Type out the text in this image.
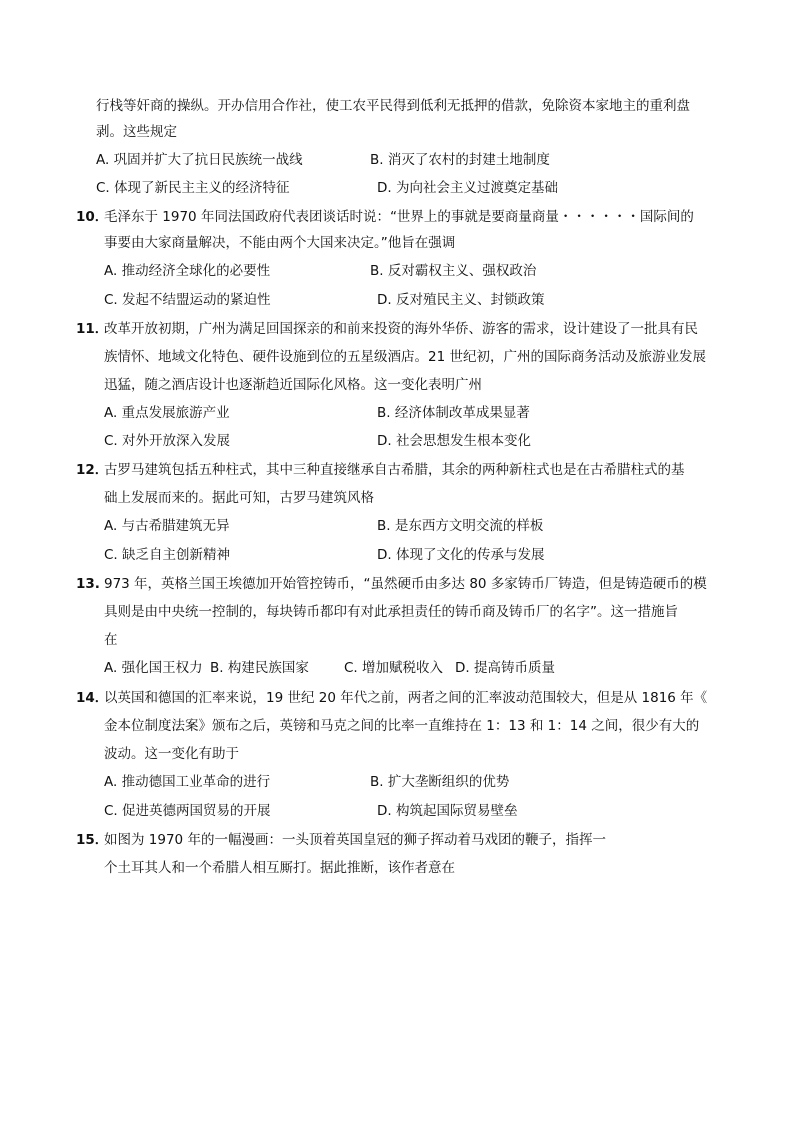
行栈等奸商的操纵。开办信用合作社，使工农平民得到低利无抵押的借款，免除资本家地主的重利盘
剥。这些规定
A. 巩固并扩大了抗日民族统一战线	B. 消灭了农村的封建土地制度
C. 体现了新民主主义的经济特征	D. 为向社会主义过渡奠定基础
10．
毛泽东于 1970 年同法国政府代表团谈话时说：“世界上的事就是要商量商量・・・・・・国际间的
事要由大家商量解决，不能由两个大国来决定。”他旨在强调
A. 推动经济全球化的必要性	B. 反对霸权主义、强权政治
C. 发起不结盟运动的紧迫性	D. 反对殖民主义、封锁政策
11．
改革开放初期，广州为满足回国探亲的和前来投资的海外华侨、游客的需求，设计建设了一批具有民
族情怀、地域文化特色、硬件设施到位的五星级酒店。21 世纪初，广州的国际商务活动及旅游业发展
迅猛，随之酒店设计也逐渐趋近国际化风格。这一变化表明广州
A. 重点发展旅游产业	B. 经济体制改革成果显著
C. 对外开放深入发展	D. 社会思想发生根本变化
12．
古罗马建筑包括五种柱式，其中三种直接继承自古希腊，其余的两种新柱式也是在古希腊柱式的基
础上发展而来的。据此可知，古罗马建筑风格
A. 与古希腊建筑无异	B. 是东西方文明交流的样板
C. 缺乏自主创新精神	D. 体现了文化的传承与发展
13. 973 年，英格兰国王埃德加开始管控铸币，“虽然硬币由多达 80 多家铸币厂铸造，但是铸造硬币的模
具则是由中央统一控制的，每块铸币都印有对此承担责任的铸币商及铸币厂的名字”。这一措施旨
在
A. 强化国王权力 B. 构建民族国家	C. 增加赋税收入 D. 提高铸币质量
14．
以英国和德国的汇率来说，19 世纪 20 年代之前，两者之间的汇率波动范围较大，但是从 1816 年《
金本位制度法案》颁布之后，英镑和马克之间的比率一直维持在 1：13 和 1：14 之间，很少有大的
波动。这一变化有助于
A. 推动德国工业革命的进行	B. 扩大垄断组织的优势
C. 促进英德两国贸易的开展	D. 构筑起国际贸易壁垒
15．
如图为 1970 年的一幅漫画：一头顶着英国皇冠的狮子挥动着马戏团的鞭子，指挥一
个土耳其人和一个希腊人相互厮打。据此推断，该作者意在
